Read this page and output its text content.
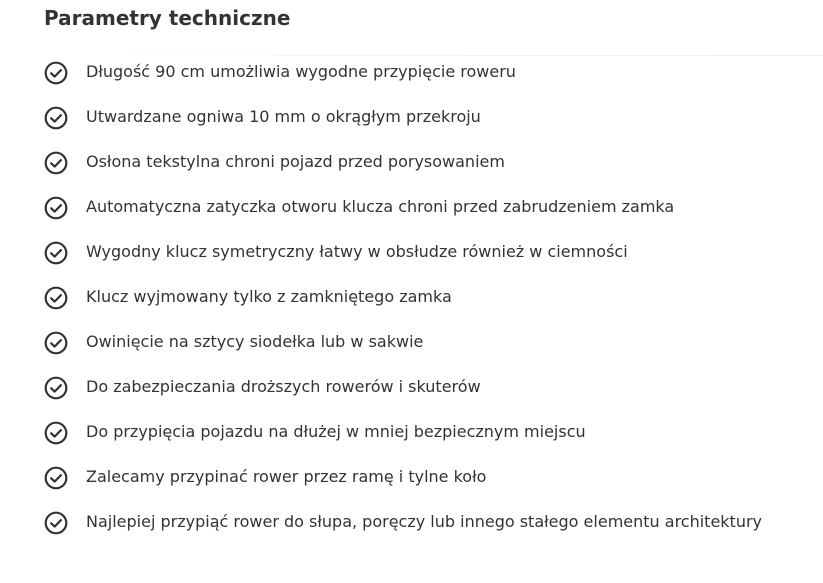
Parametry techniczne
Długość 90 cm umożliwia wygodne przypięcie roweru
Utwardzane ogniwa 10 mm o okrągłym przekroju
Osłona tekstylna chroni pojazd przed porysowaniem
Automatyczna zatyczka otworu klucza chroni przed zabrudzeniem zamka
Wygodny klucz symetryczny łatwy w obsłudze również w ciemności
Klucz wyjmowany tylko z zamkniętego zamka
Owinięcie na sztycy siodełka lub w sakwie
Do zabezpieczania droższych rowerów i skuterów
Do przypięcia pojazdu na dłużej w mniej bezpiecznym miejscu
Zalecamy przypinać rower przez ramę i tylne koło
Najlepiej przypiąć rower do słupa, poręczy lub innego stałego elementu architektury
